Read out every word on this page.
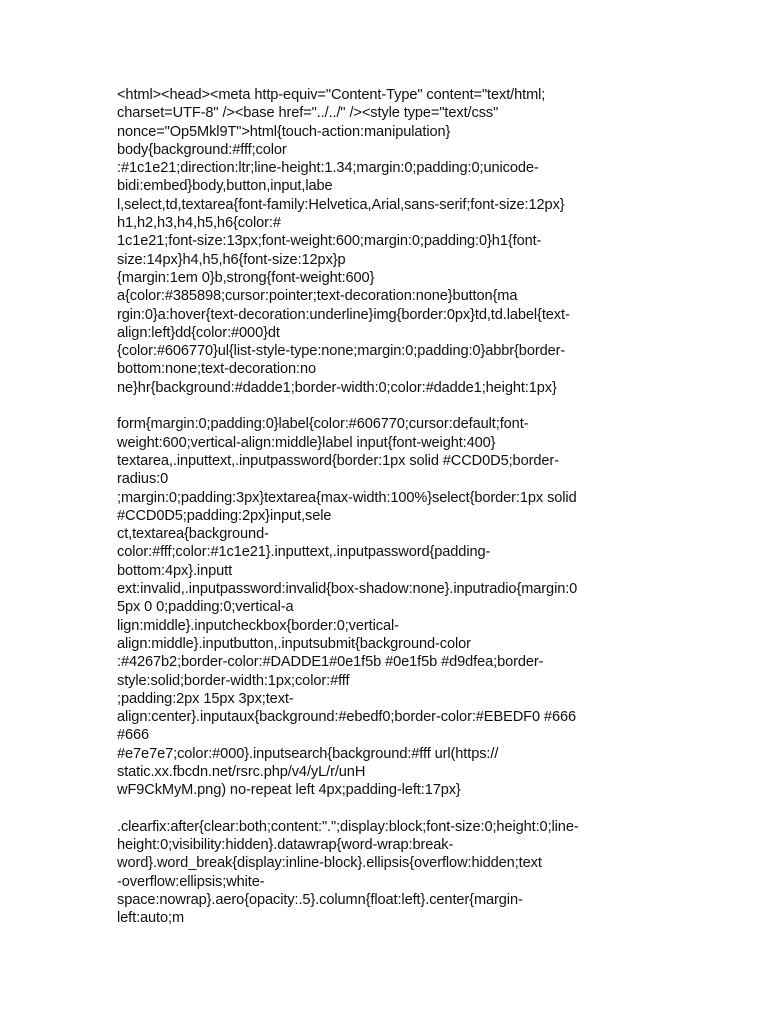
<html><head><meta http-equiv="Content-Type" content="text/html;
charset=UTF-8" /><base href="../../" /><style type="text/css"
nonce="Op5Mkl9T">html{touch-action:manipulation}
body{background:#fff;color
:#1c1e21;direction:ltr;line-height:1.34;margin:0;padding:0;unicode-
bidi:embed}body,button,input,labe
l,select,td,textarea{font-family:Helvetica,Arial,sans-serif;font-size:12px}
h1,h2,h3,h4,h5,h6{color:#
1c1e21;font-size:13px;font-weight:600;margin:0;padding:0}h1{font-
size:14px}h4,h5,h6{font-size:12px}p
{margin:1em 0}b,strong{font-weight:600}
a{color:#385898;cursor:pointer;text-decoration:none}button{ma
rgin:0}a:hover{text-decoration:underline}img{border:0px}td,td.label{text-
align:left}dd{color:#000}dt
{color:#606770}ul{list-style-type:none;margin:0;padding:0}abbr{border-
bottom:none;text-decoration:no
ne}hr{background:#dadde1;border-width:0;color:#dadde1;height:1px}
form{margin:0;padding:0}label{color:#606770;cursor:default;font-
weight:600;vertical-align:middle}label input{font-weight:400}
textarea,.inputtext,.inputpassword{border:1px solid #CCD0D5;border-
radius:0
;margin:0;padding:3px}textarea{max-width:100%}select{border:1px solid
#CCD0D5;padding:2px}input,sele
ct,textarea{background-
color:#fff;color:#1c1e21}.inputtext,.inputpassword{padding-
bottom:4px}.inputt
ext:invalid,.inputpassword:invalid{box-shadow:none}.inputradio{margin:0
5px 0 0;padding:0;vertical-a
lign:middle}.inputcheckbox{border:0;vertical-
align:middle}.inputbutton,.inputsubmit{background-color
:#4267b2;border-color:#DADDE1#0e1f5b #0e1f5b #d9dfea;border-
style:solid;border-width:1px;color:#fff
;padding:2px 15px 3px;text-
align:center}.inputaux{background:#ebedf0;border-color:#EBEDF0 #666
#666
#e7e7e7;color:#000}.inputsearch{background:#fff url(https://
static.xx.fbcdn.net/rsrc.php/v4/yL/r/unH
wF9CkMyM.png) no-repeat left 4px;padding-left:17px}
.clearfix:after{clear:both;content:".";display:block;font-size:0;height:0;line-
height:0;visibility:hidden}.datawrap{word-wrap:break-
word}.word_break{display:inline-block}.ellipsis{overflow:hidden;text
-overflow:ellipsis;white-
space:nowrap}.aero{opacity:.5}.column{float:left}.center{margin-
left:auto;m
